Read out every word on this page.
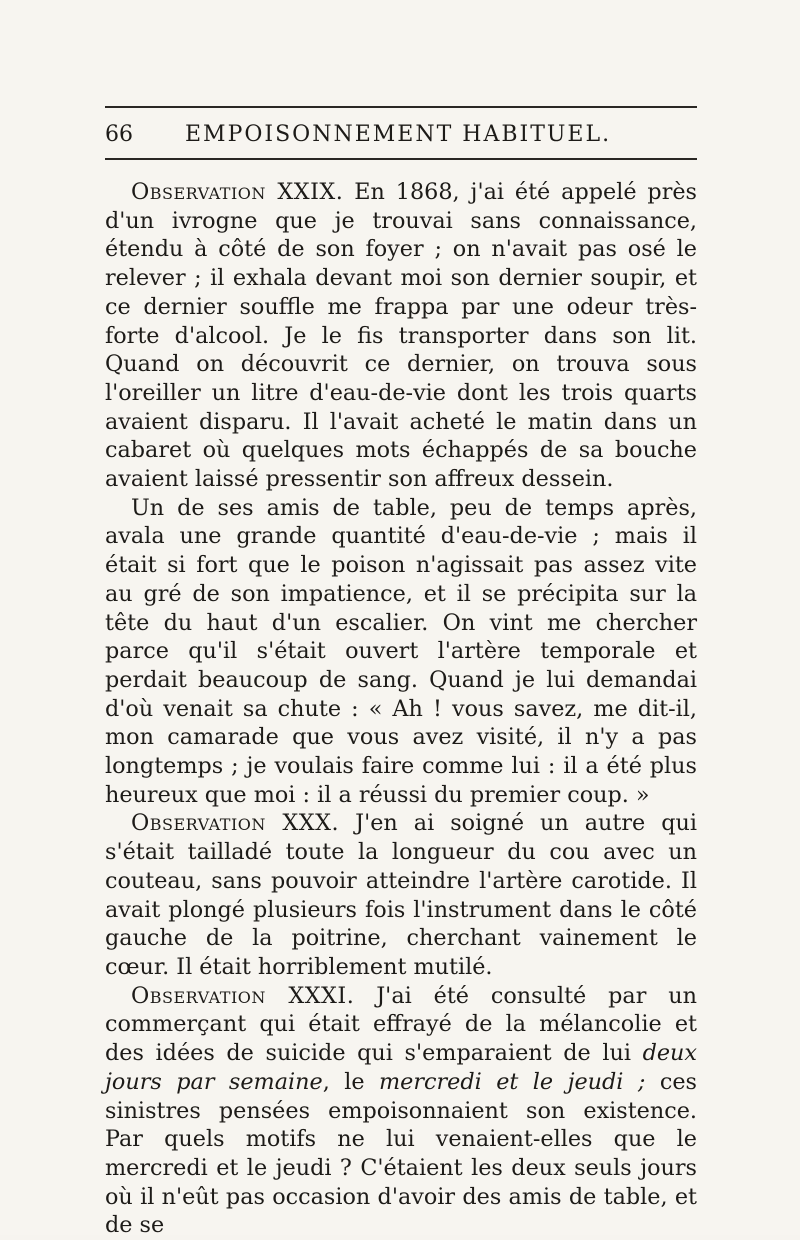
66	EMPOISONNEMENT HABITUEL.

Observation XXIX. En 1868, j'ai été appelé près d'un ivrogne que je trouvai sans connaissance, étendu à côté de son foyer ; on n'avait pas osé le relever ; il exhala devant moi son dernier soupir, et ce dernier souffle me frappa par une odeur très-forte d'alcool. Je le fis transporter dans son lit. Quand on découvrit ce dernier, on trouva sous l'oreiller un litre d'eau-de-vie dont les trois quarts avaient disparu. Il l'avait acheté le matin dans un cabaret où quelques mots échappés de sa bouche avaient laissé pressentir son affreux dessein.

Un de ses amis de table, peu de temps après, avala une grande quantité d'eau-de-vie ; mais il était si fort que le poison n'agissait pas assez vite au gré de son impatience, et il se précipita sur la tête du haut d'un escalier. On vint me chercher parce qu'il s'était ouvert l'artère temporale et perdait beaucoup de sang. Quand je lui demandai d'où venait sa chute : « Ah ! vous savez, me dit-il, mon camarade que vous avez visité, il n'y a pas longtemps ; je voulais faire comme lui : il a été plus heureux que moi : il a réussi du premier coup. »

Observation XXX. J'en ai soigné un autre qui s'était tailladé toute la longueur du cou avec un couteau, sans pouvoir atteindre l'artère carotide. Il avait plongé plusieurs fois l'instrument dans le côté gauche de la poitrine, cherchant vainement le cœur. Il était horriblement mutilé.

Observation XXXI. J'ai été consulté par un commerçant qui était effrayé de la mélancolie et des idées de suicide qui s'emparaient de lui deux jours par semaine, le mercredi et le jeudi ; ces sinistres pensées empoisonnaient son existence. Par quels motifs ne lui venaient-elles que le mercredi et le jeudi ? C'étaient les deux seuls jours où il n'eût pas occasion d'avoir des amis de table, et de se
